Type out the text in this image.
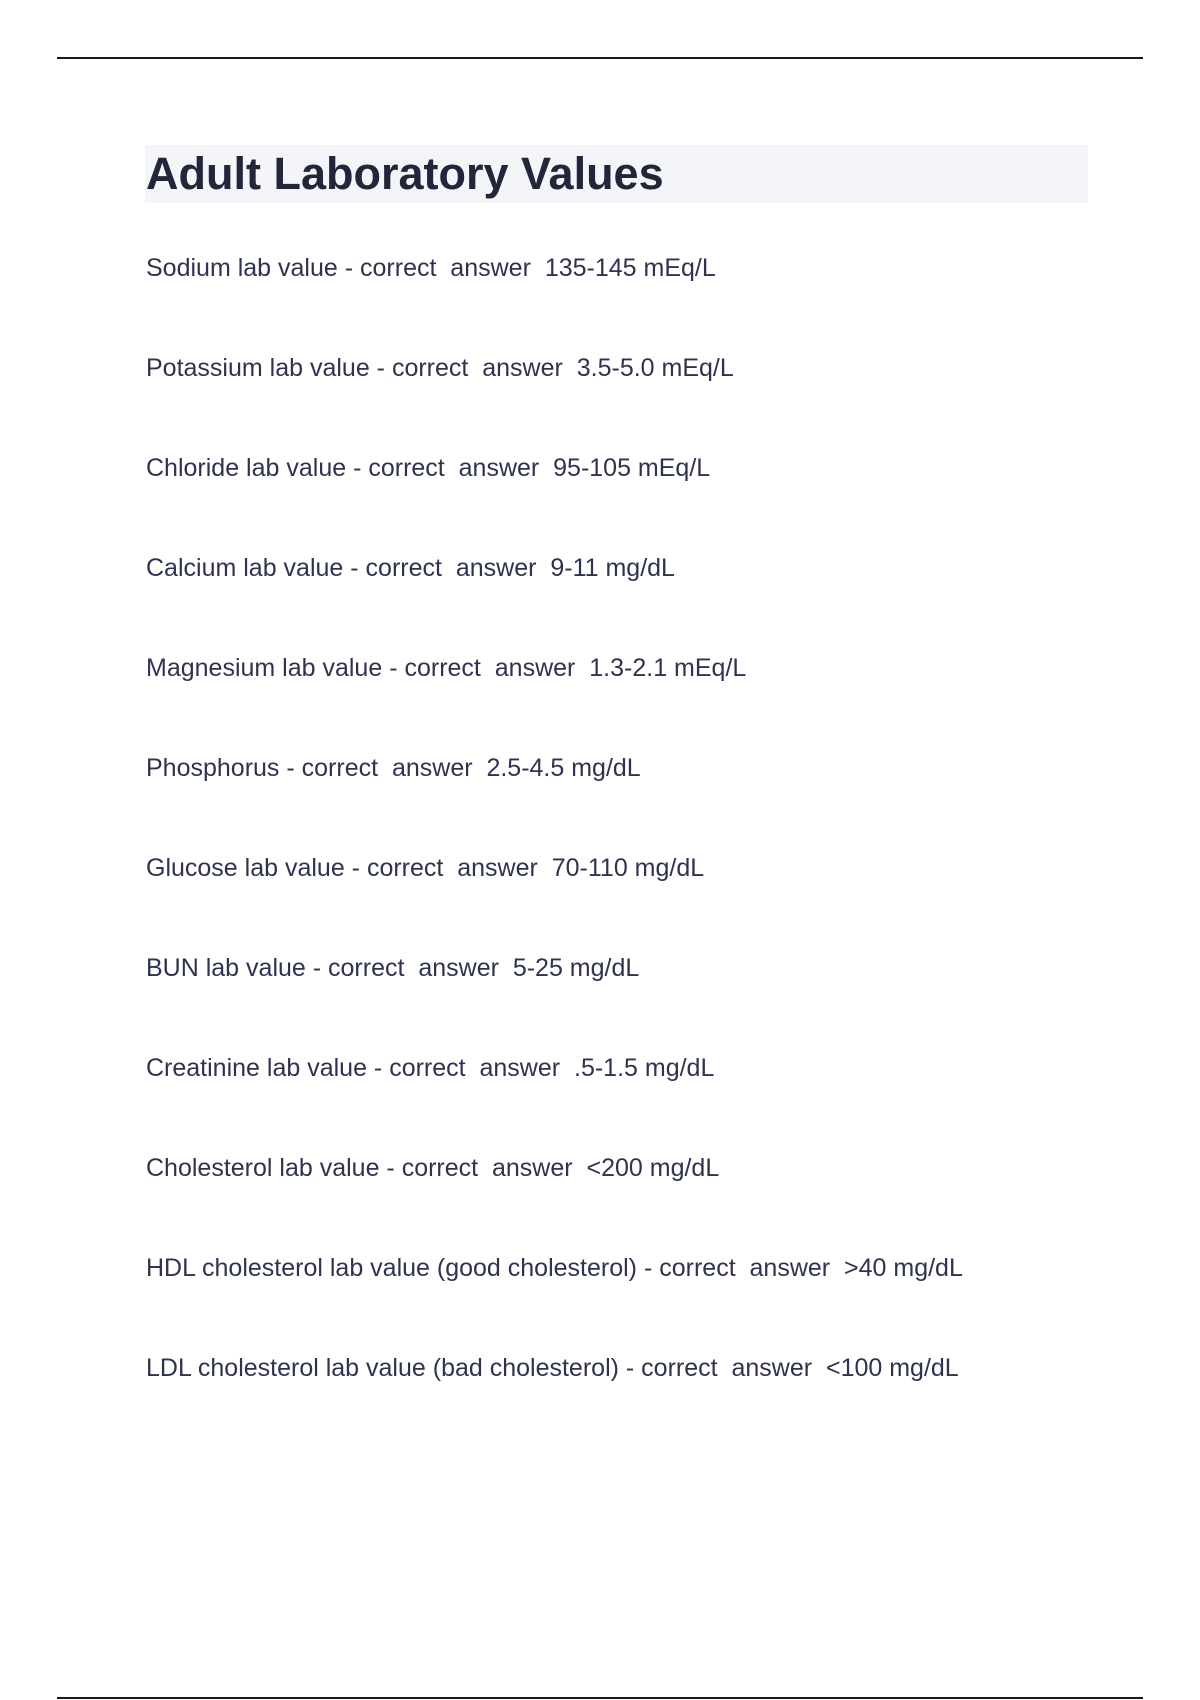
Adult Laboratory Values
Sodium lab value - correct  answer 135-145 mEq/L
Potassium lab value - correct  answer 3.5-5.0 mEq/L
Chloride lab value - correct  answer 95-105 mEq/L
Calcium lab value - correct  answer 9-11 mg/dL
Magnesium lab value - correct  answer 1.3-2.1 mEq/L
Phosphorus - correct  answer 2.5-4.5 mg/dL
Glucose lab value - correct  answer 70-110 mg/dL
BUN lab value - correct  answer 5-25 mg/dL
Creatinine lab value - correct  answer .5-1.5 mg/dL
Cholesterol lab value - correct  answer <200 mg/dL
HDL cholesterol lab value (good cholesterol) - correct  answer >40 mg/dL
LDL cholesterol lab value (bad cholesterol) - correct  answer <100 mg/dL
